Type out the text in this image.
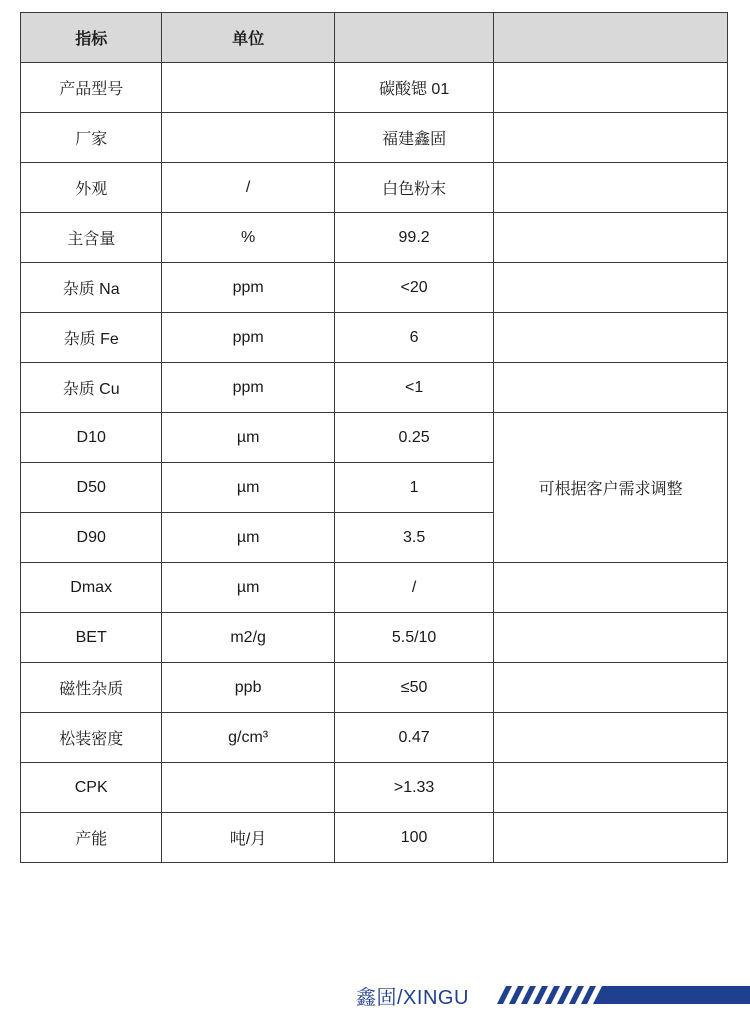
指标	单位		
产品型号		碳酸锶 01	
厂家		福建鑫固	
外观	/	白色粉末	
主含量	%	99.2	
杂质 Na	ppm	<20	
杂质 Fe	ppm	6	
杂质 Cu	ppm	<1	
D10	µm	0.25	可根据客户需求调整
D50	µm	1	
D90	µm	3.5	
Dmax	µm	/	
BET	m2/g	5.5/10	
磁性杂质	ppb	≤50	
松装密度	g/cm³	0.47	
CPK		>1.33	
产能	吨/月	100	
鑫固/XINGU
